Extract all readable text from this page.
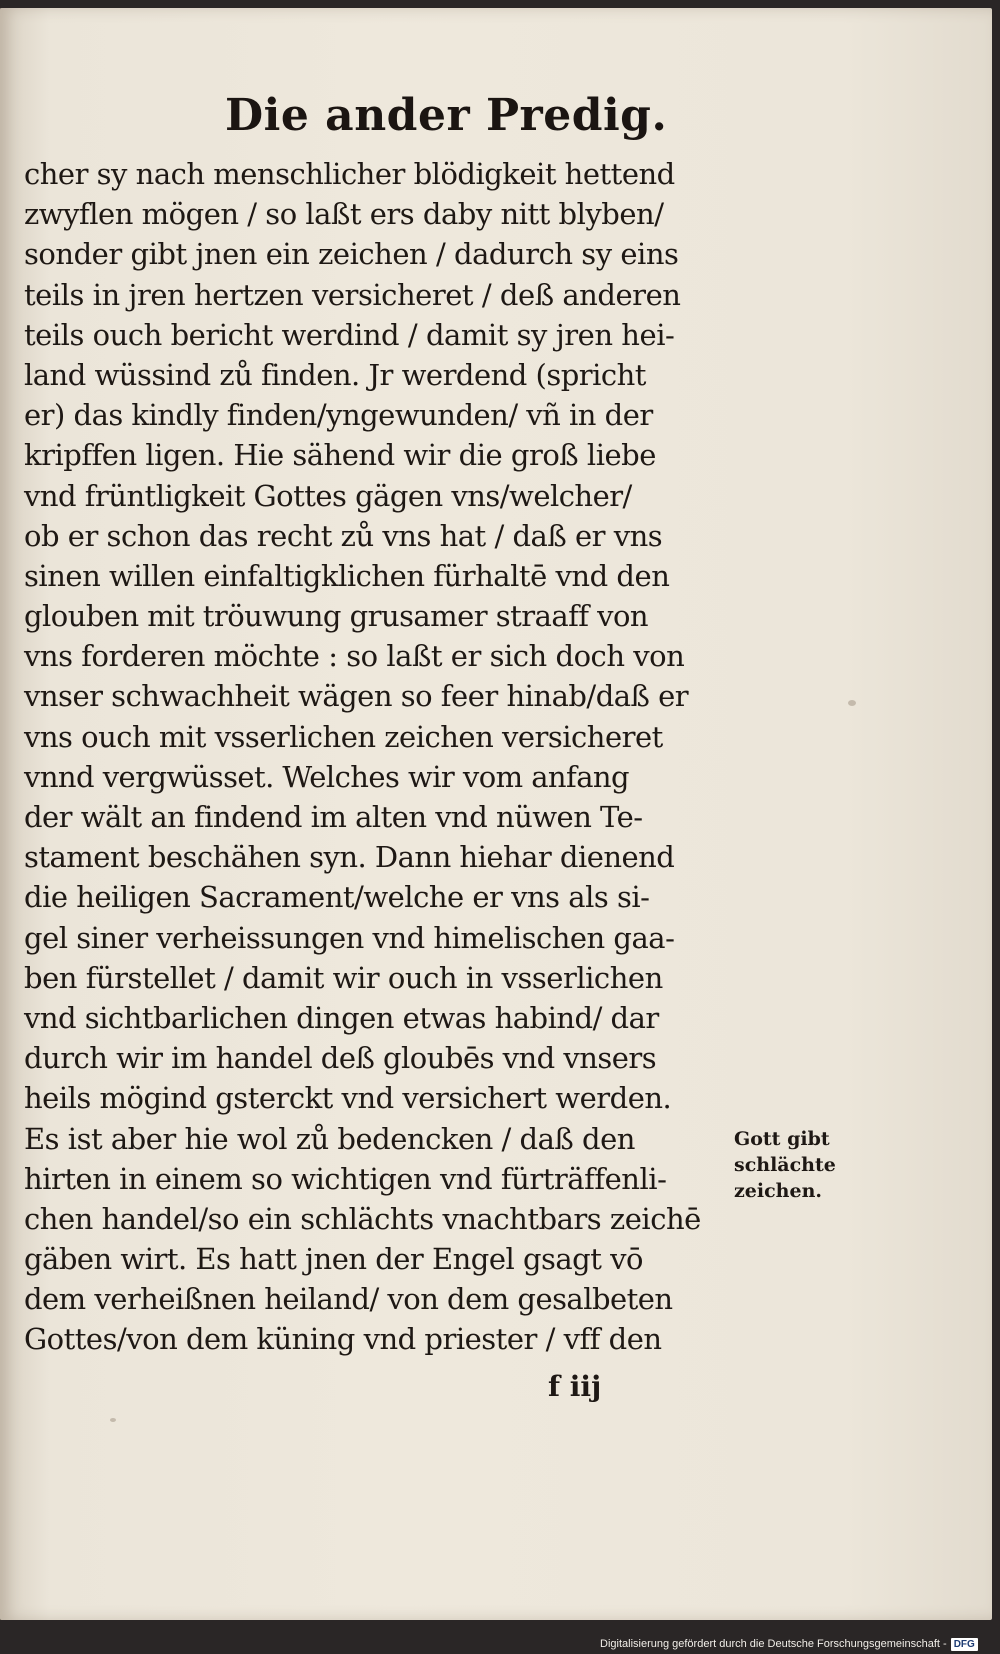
Die ander Predig.
cher sy nach menschlicher blödigkeit hettend
zwyflen mögen / so laßt ers daby nitt blyben/
sonder gibt jnen ein zeichen / dadurch sy eins
teils in jren hertzen versicheret / deß anderen
teils ouch bericht werdind / damit sy jren hei-
land wüssind zů finden. Jr werdend (spricht
er) das kindly finden/yngewunden/ vñ in der
kripffen ligen. Hie sähend wir die groß liebe
vnd früntligkeit Gottes gägen vns/welcher/
ob er schon das recht zů vns hat / daß er vns
sinen willen einfaltigklichen fürhaltē vnd den
glouben mit tröuwung grusamer straaff von
vns forderen möchte : so laßt er sich doch von
vnser schwachheit wägen so feer hinab/daß er
vns ouch mit vsserlichen zeichen versicheret
vnnd vergwüsset. Welches wir vom anfang
der wält an findend im alten vnd nüwen Te-
stament beschähen syn. Dann hiehar dienend
die heiligen Sacrament/welche er vns als si-
gel siner verheissungen vnd himelischen gaa-
ben fürstellet / damit wir ouch in vsserlichen
vnd sichtbarlichen dingen etwas habind/ dar
durch wir im handel deß gloubēs vnd vnsers
heils mögind gsterckt vnd versichert werden.
Es ist aber hie wol zů bedencken / daß den
hirten in einem so wichtigen vnd fürträffenli-
chen handel/so ein schlächts vnachtbars zeichē
gäben wirt. Es hatt jnen der Engel gsagt vō
dem verheißnen heiland/ von dem gesalbeten
Gottes/von dem küning vnd priester / vff den
Gott gibt
schlächte
zeichen.
f iij
Digitalisierung gefördert durch die Deutsche Forschungsgemeinschaft - DFG
